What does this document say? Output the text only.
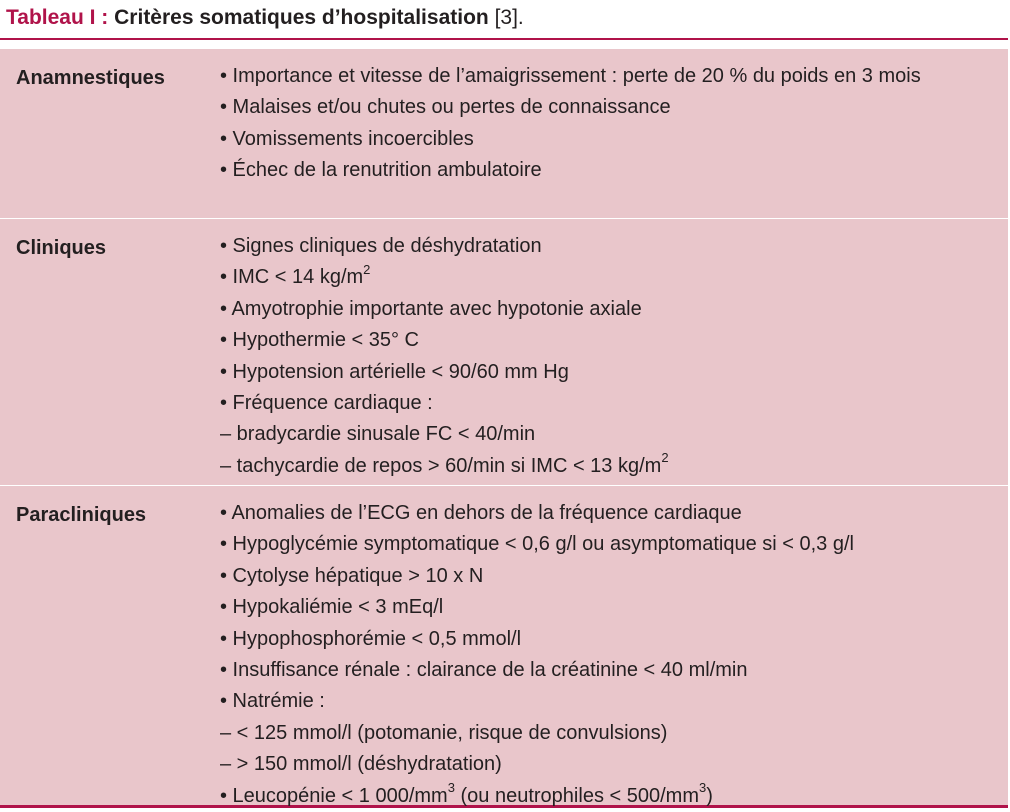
Tableau I : Critères somatiques d’hospitalisation [3].
Anamnestiques	• Importance et vitesse de l’amaigrissement : perte de 20 % du poids en 3 mois
• Malaises et/ou chutes ou pertes de connaissance
• Vomissements incoercibles
• Échec de la renutrition ambulatoire
Cliniques	• Signes cliniques de déshydratation
• IMC < 14 $kg/m^2$
• Amyotrophie importante avec hypotonie axiale
• Hypothermie < 35° C
• Hypotension artérielle < 90/60 mm Hg
• Fréquence cardiaque :
– bradycardie sinusale FC < 40/min
– tachycardie de repos > 60/min si IMC < 13 $kg/m^2$
Paracliniques	• Anomalies de l’ECG en dehors de la fréquence cardiaque
• Hypoglycémie symptomatique < 0,6 g/l ou asymptomatique si < 0,3 g/l
• Cytolyse hépatique > 10 x N
• Hypokaliémie < 3 mEq/l
• Hypophosphorémie < 0,5 mmol/l
• Insuffisance rénale : clairance de la créatinine < 40 ml/min
• Natrémie :
– < 125 mmol/l (potomanie, risque de convulsions)
– > 150 mmol/l (déshydratation)
• Leucopénie < 1 $000/mm^3$ (ou neutrophiles < $500/mm^3$)
